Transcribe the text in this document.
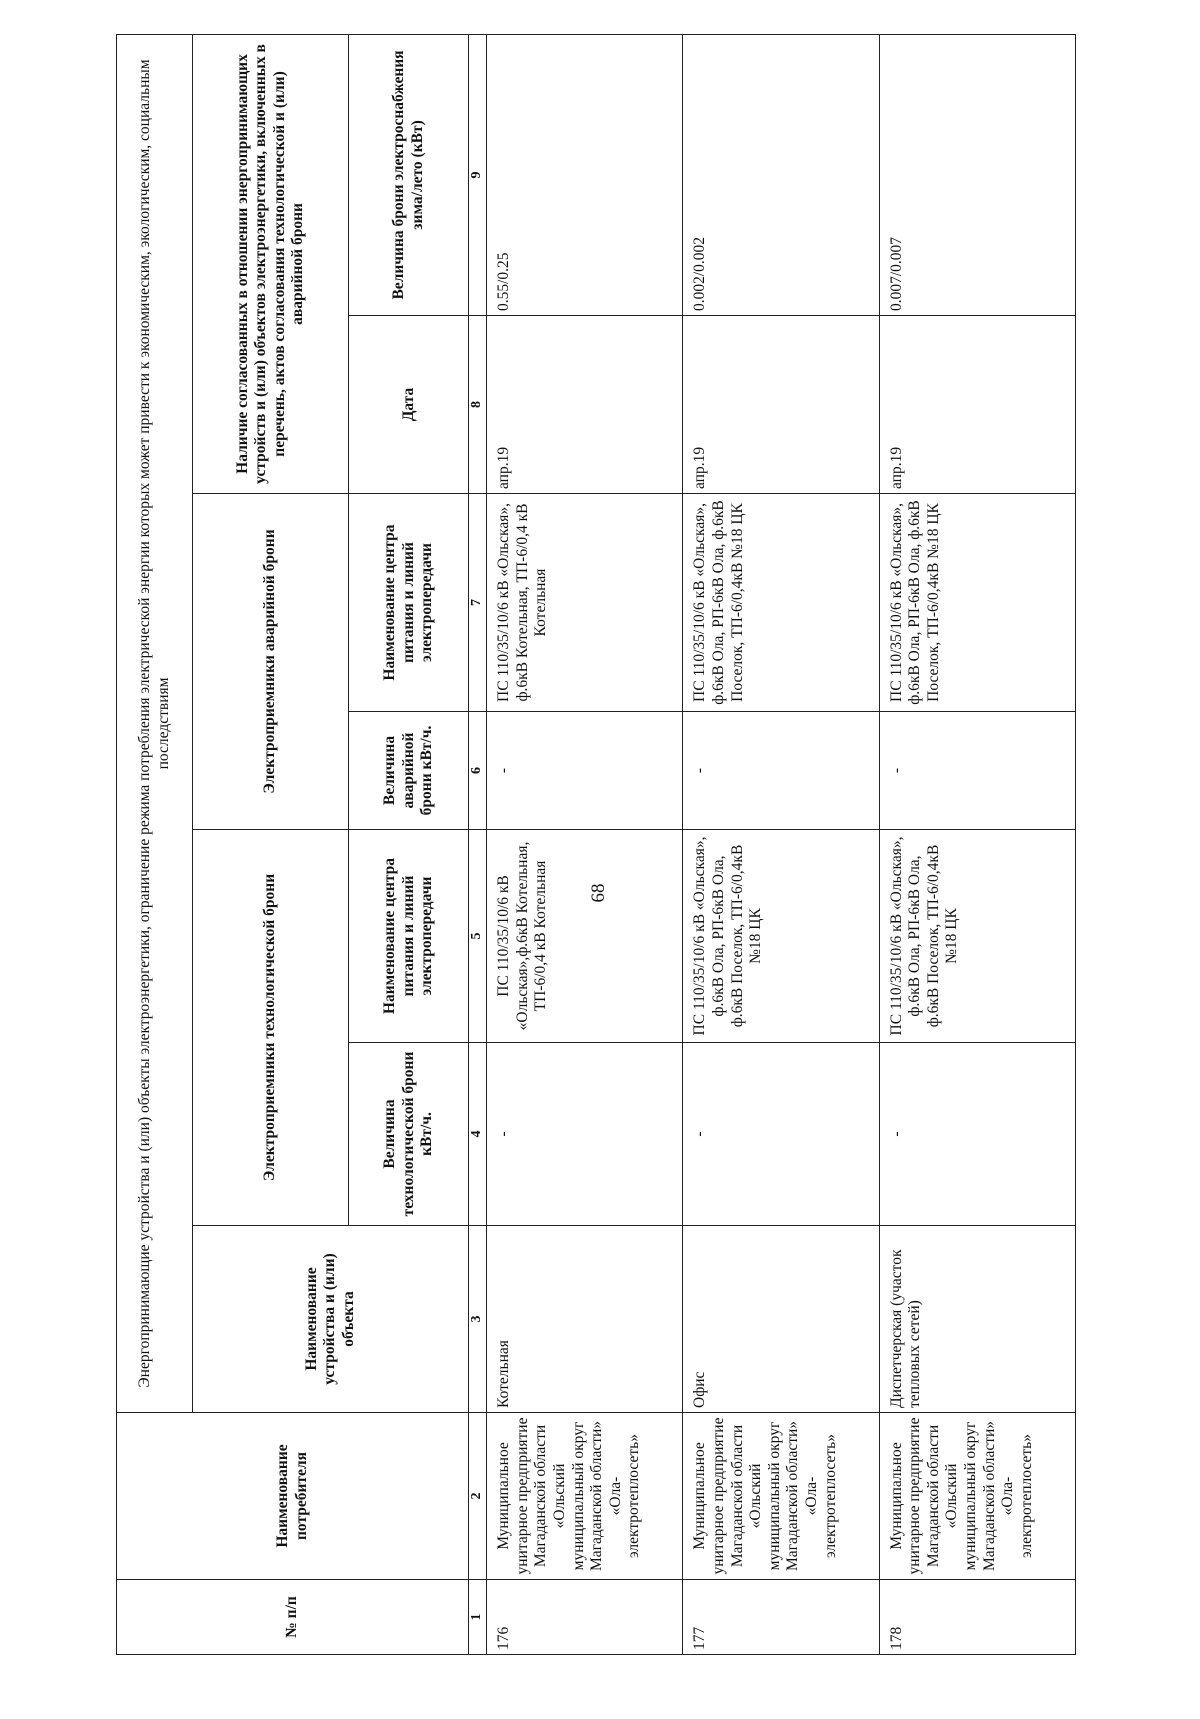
68
№ п/п	Наименование потребителя	Энергопринимающие устройства и (или) объекты электроэнергетики, ограничение режима потребления электрической энергии которых может привести к экономическим, экологическим, социальным последствиям						
		Наименование устройства и (или) объекта	Электроприемники технологической брони		Электроприемники аварийной брони		Наличие согласованных в отношении энергопринимающих устройств и (или) объектов электроэнергетики, включенных в перечень, актов согласования технологической и (или) аварийной брони	
			Величина технологической брони кВт/ч.	Наименование центра питания и линий электропередачи	Величина аварийной брони кВт/ч.	Наименование центра питания и линий электропередачи	Дата	Величина брони электроснабжения зима/лето (кВт)
1	2	3	4	5	6	7	8	9
176	Муниципальное унитарное предприятие Магаданской области «Ольский муниципальный округ Магаданской области» «Ола-электротеплосеть»	Котельная	-	ПС 110/35/10/6 кВ «Ольская»,ф.6кВ Котельная, ТП-6/0,4 кВ Котельная	-	ПС 110/35/10/6 кВ «Ольская», ф.6кВ Котельная, ТП-6/0,4 кВ Котельная	апр.19	0.55/0.25
177	Муниципальное унитарное предприятие Магаданской области «Ольский муниципальный округ Магаданской области» «Ола-электротеплосеть»	Офис	-	ПС 110/35/10/6 кВ «Ольская», ф.6кВ Ола, РП-6кВ Ола, ф.6кВ Поселок, ТП-6/0,4кВ №18 ЦК	-	ПС 110/35/10/6 кВ «Ольская», ф.6кВ Ола, РП-6кВ Ола, ф.6кВ Поселок, ТП-6/0,4кВ №18 ЦК	апр.19	0.002/0.002
178	Муниципальное унитарное предприятие Магаданской области «Ольский муниципальный округ Магаданской области» «Ола-электротеплосеть»	Диспетчерская (участок тепловых сетей)	-	ПС 110/35/10/6 кВ «Ольская», ф.6кВ Ола, РП-6кВ Ола, ф.6кВ Поселок, ТП-6/0,4кВ №18 ЦК	-	ПС 110/35/10/6 кВ «Ольская», ф.6кВ Ола, РП-6кВ Ола, ф.6кВ Поселок, ТП-6/0,4кВ №18 ЦК	апр.19	0.007/0.007
